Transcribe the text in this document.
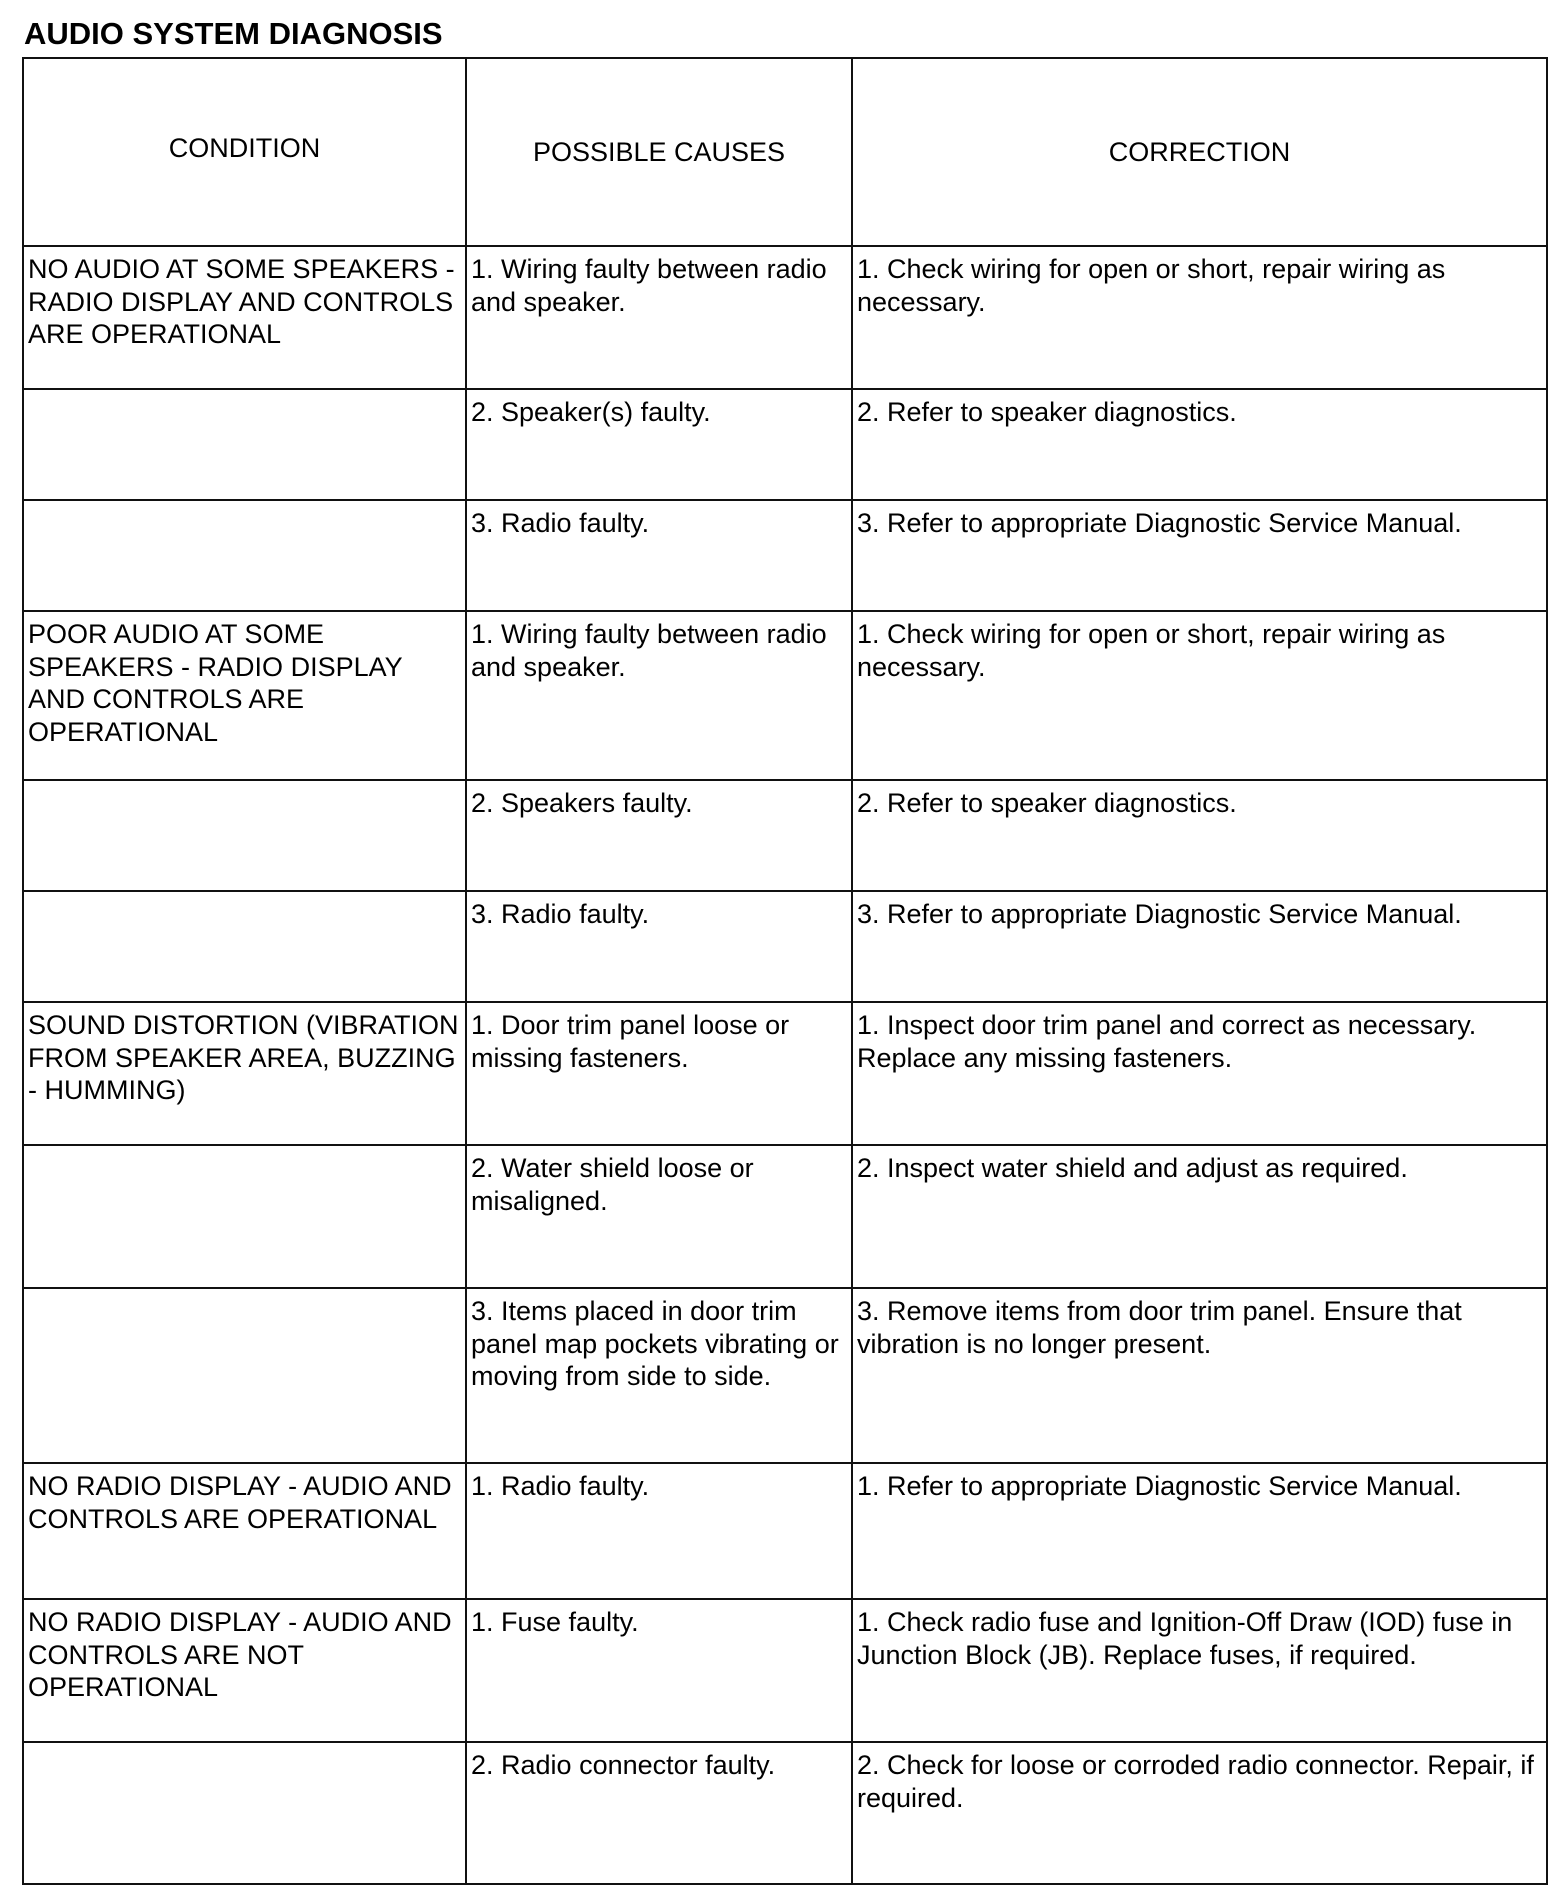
AUDIO SYSTEM DIAGNOSIS
CONDITION	POSSIBLE CAUSES	CORRECTION
NO AUDIO AT SOME SPEAKERS - RADIO DISPLAY AND CONTROLS ARE OPERATIONAL	1. Wiring faulty between radio and speaker.	1. Check wiring for open or short, repair wiring as necessary.
	2. Speaker(s) faulty.	2. Refer to speaker diagnostics.
	3. Radio faulty.	3. Refer to appropriate Diagnostic Service Manual.
POOR AUDIO AT SOME SPEAKERS - RADIO DISPLAY AND CONTROLS ARE OPERATIONAL	1. Wiring faulty between radio and speaker.	1. Check wiring for open or short, repair wiring as necessary.
	2. Speakers faulty.	2. Refer to speaker diagnostics.
	3. Radio faulty.	3. Refer to appropriate Diagnostic Service Manual.
SOUND DISTORTION (VIBRATION FROM SPEAKER AREA, BUZZING - HUMMING)	1. Door trim panel loose or missing fasteners.	1. Inspect door trim panel and correct as necessary. Replace any missing fasteners.
	2. Water shield loose or misaligned.	2. Inspect water shield and adjust as required.
	3. Items placed in door trim panel map pockets vibrating or moving from side to side.	3. Remove items from door trim panel. Ensure that vibration is no longer present.
NO RADIO DISPLAY - AUDIO AND CONTROLS ARE OPERATIONAL	1. Radio faulty.	1. Refer to appropriate Diagnostic Service Manual.
NO RADIO DISPLAY - AUDIO AND CONTROLS ARE NOT OPERATIONAL	1. Fuse faulty.	1. Check radio fuse and Ignition-Off Draw (IOD) fuse in Junction Block (JB). Replace fuses, if required.
	2. Radio connector faulty.	2. Check for loose or corroded radio connector. Repair, if required.
